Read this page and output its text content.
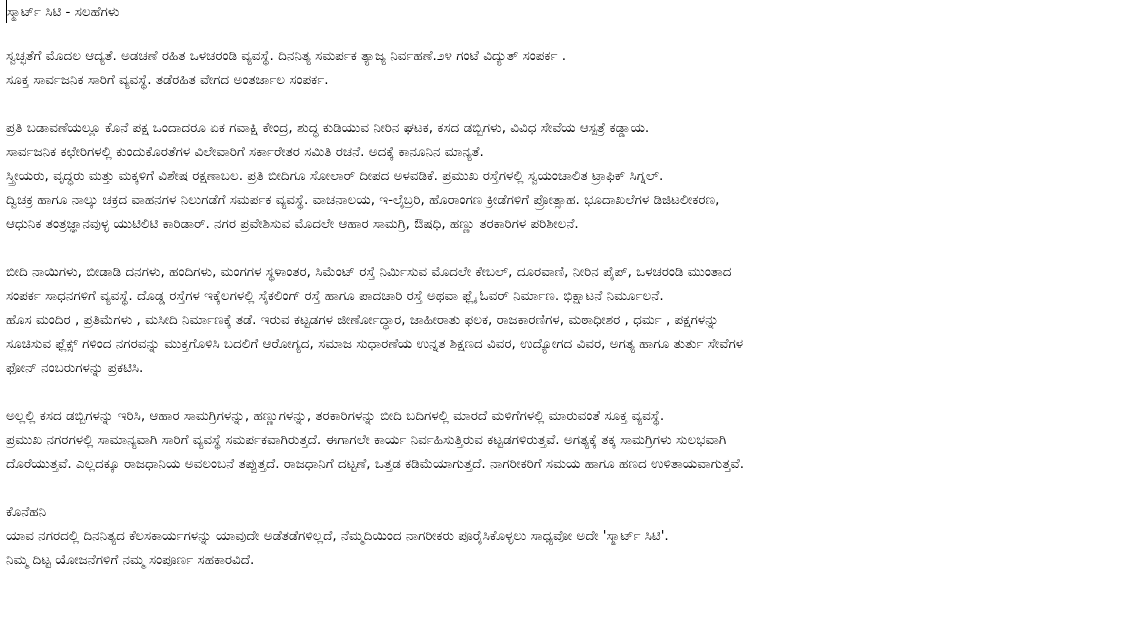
ಸ್ಮಾರ್ಟ್ ಸಿಟಿ - ಸಲಹೆಗಳು
ಸ್ವಚ್ಛತೆಗೆ ಮೊದಲ ಆದ್ಯತೆ. ಅಡಚಣೆ ರಹಿತ ಒಳಚರಂಡಿ ವ್ಯವಸ್ಥೆ. ದಿನನಿತ್ಯ ಸಮರ್ಪಕ ತ್ಯಾಜ್ಯ ನಿರ್ವಹಣೆ.೨೪ ಗಂಟೆ ವಿದ್ಯುತ್ ಸಂಪರ್ಕ .
ಸೂಕ್ತ ಸಾರ್ವಜನಿಕ ಸಾರಿಗೆ ವ್ಯವಸ್ಥೆ. ತಡೆರಹಿತ ವೇಗದ ಅಂತರ್ಜಾಲ ಸಂಪರ್ಕ.
ಪ್ರತಿ ಬಡಾವಣೆಯಲ್ಲೂ ಕೊನೆ ಪಕ್ಷ ಒಂದಾದರೂ ಏಕ ಗವಾಕ್ಷಿ ಕೇಂದ್ರ, ಶುದ್ಧ ಕುಡಿಯುವ ನೀರಿನ ಘಟಕ, ಕಸದ ಡಬ್ಬಿಗಳು, ವಿವಿಧ ಸೇವೆಯ ಆಸ್ಪತ್ರೆ ಕಡ್ಡಾಯ.
ಸಾರ್ವಜನಿಕ ಕಛೇರಿಗಳಲ್ಲಿ ಕುಂದುಕೊರತೆಗಳ ವಿಲೇವಾರಿಗೆ ಸರ್ಕಾರೇತರ ಸಮಿತಿ ರಚನೆ. ಅದಕ್ಕೆ ಕಾನೂನಿನ ಮಾನ್ಯತೆ.
ಸ್ತ್ರೀಯರು, ವೃದ್ಧರು ಮತ್ತು ಮಕ್ಕಳಿಗೆ ವಿಶೇಷ ರಕ್ಷಣಾಬಲ. ಪ್ರತಿ ಬೀದಿಗೂ ಸೋಲಾರ್ ದೀಪದ ಅಳವಡಿಕೆ. ಪ್ರಮುಖ ರಸ್ತೆಗಳಲ್ಲಿ ಸ್ವಯಂಚಾಲಿತ ಟ್ರಾಫಿಕ್ ಸಿಗ್ನಲ್.
ದ್ವಿಚಕ್ರ ಹಾಗೂ ನಾಲ್ಕು ಚಕ್ರದ ವಾಹನಗಳ ನಿಲುಗಡೆಗೆ ಸಮರ್ಪಕ ವ್ಯವಸ್ಥೆ. ವಾಚನಾಲಯ, ಇ-ಲೈಬ್ರರಿ, ಹೊರಾಂಗಣ ಕ್ರೀಡೆಗಳಿಗೆ ಪ್ರೋತ್ಸಾಹ. ಭೂದಾಖಲೆಗಳ ಡಿಜಿಟಲೀಕರಣ,
ಆಧುನಿಕ ತಂತ್ರಜ್ಞಾನವುಳ್ಳ ಯುಟಿಲಿಟಿ ಕಾರಿಡಾರ್. ನಗರ ಪ್ರವೇಶಿಸುವ ಮೊದಲೇ ಆಹಾರ ಸಾಮಗ್ರಿ, ಔಷಧಿ, ಹಣ್ಣು ತರಕಾರಿಗಳ ಪರಿಶೀಲನೆ.
ಬೀದಿ ನಾಯಿಗಳು, ಬೀಡಾಡಿ ದನಗಳು, ಹಂದಿಗಳು, ಮಂಗಗಳ ಸ್ಥಳಾಂತರ, ಸಿಮೆಂಟ್ ರಸ್ತೆ ನಿರ್ಮಿಸುವ ಮೊದಲೇ ಕೇಬಲ್, ದೂರವಾಣಿ, ನೀರಿನ ಪೈಪ್, ಒಳಚರಂಡಿ ಮುಂತಾದ
ಸಂಪರ್ಕ ಸಾಧನಗಳಿಗೆ ವ್ಯವಸ್ಥೆ. ದೊಡ್ಡ ರಸ್ತೆಗಳ ಇಕ್ಕೆಲಗಳಲ್ಲಿ ಸೈಕಲಿಂಗ್ ರಸ್ತೆ ಹಾಗೂ ಪಾದಚಾರಿ ರಸ್ತೆ ಅಥವಾ ಫ್ಲೈ ಓವರ್ ನಿರ್ಮಾಣ. ಭಿಕ್ಷಾಟನೆ ನಿರ್ಮೂಲನೆ.
ಹೊಸ ಮಂದಿರ , ಪ್ರತಿಮೆಗಳು , ಮಸೀದಿ ನಿರ್ಮಾಣಕ್ಕೆ ತಡೆ. ಇರುವ ಕಟ್ಟಡಗಳ ಜೀರ್ಣೋದ್ಧಾರ, ಜಾಹೀರಾತು ಫಲಕ, ರಾಜಕಾರಣಿಗಳ, ಮಠಾಧೀಶರ , ಧರ್ಮ , ಪಕ್ಷಗಳನ್ನು
ಸೂಚಿಸುವ ಫ್ಲೆಕ್ಸ್ ಗಳಿಂದ ನಗರವನ್ನು ಮುಕ್ತಗೊಳಿಸಿ ಬದಲಿಗೆ ಆರೋಗ್ಯದ, ಸಮಾಜ ಸುಧಾರಣೆಯ ಉನ್ನತ ಶಿಕ್ಷಣದ ವಿವರ, ಉದ್ಯೋಗದ ವಿವರ, ಅಗತ್ಯ ಹಾಗೂ ತುರ್ತು ಸೇವೆಗಳ
ಫೋನ್ ನಂಬರುಗಳನ್ನು ಪ್ರಕಟಿಸಿ.
ಅಲ್ಲಲ್ಲಿ ಕಸದ ಡಬ್ಬಿಗಳನ್ನು ಇರಿಸಿ, ಆಹಾರ ಸಾಮಗ್ರಿಗಳನ್ನು, ಹಣ್ಣುಗಳನ್ನು, ತರಕಾರಿಗಳನ್ನು ಬೀದಿ ಬದಿಗಳಲ್ಲಿ ಮಾರದೆ ಮಳಿಗೆಗಳಲ್ಲಿ ಮಾರುವಂತೆ ಸೂಕ್ತ ವ್ಯವಸ್ಥೆ.
ಪ್ರಮುಖ ನಗರಗಳಲ್ಲಿ ಸಾಮಾನ್ಯವಾಗಿ ಸಾರಿಗೆ ವ್ಯವಸ್ಥೆ ಸಮರ್ಪಕವಾಗಿರುತ್ತದೆ. ಈಗಾಗಲೇ ಕಾರ್ಯ ನಿರ್ವಹಿಸುತ್ತಿರುವ ಕಟ್ಟಡಗಳಿರುತ್ತವೆ. ಅಗತ್ಯಕ್ಕೆ ತಕ್ಕ ಸಾಮಗ್ರಿಗಳು ಸುಲಭವಾಗಿ
ದೊರೆಯುತ್ತವೆ. ಎಲ್ಲದಕ್ಕೂ ರಾಜಧಾನಿಯ ಅವಲಂಬನೆ ತಪ್ಪುತ್ತದೆ. ರಾಜಧಾನಿಗೆ ದಟ್ಟಣೆ, ಒತ್ತಡ ಕಡಿಮೆಯಾಗುತ್ತದೆ. ನಾಗರೀಕರಿಗೆ ಸಮಯ ಹಾಗೂ ಹಣದ ಉಳಿತಾಯವಾಗುತ್ತವೆ.
ಕೊನೆಹನಿ
ಯಾವ ನಗರದಲ್ಲಿ ದಿನನಿತ್ಯದ ಕೆಲಸಕಾರ್ಯಗಳನ್ನು ಯಾವುದೇ ಅಡೆತಡೆಗಳಿಲ್ಲದೆ, ನೆಮ್ಮದಿಯಿಂದ ನಾಗರೀಕರು ಪೂರೈಸಿಕೊಳ್ಳಲು ಸಾಧ್ಯವೋ ಅದೇ 'ಸ್ಮಾರ್ಟ್ ಸಿಟಿ'.
ನಿಮ್ಮ ದಿಟ್ಟ ಯೋಜನೆಗಳಿಗೆ ನಮ್ಮ ಸಂಪೂರ್ಣ ಸಹಕಾರವಿದೆ.
